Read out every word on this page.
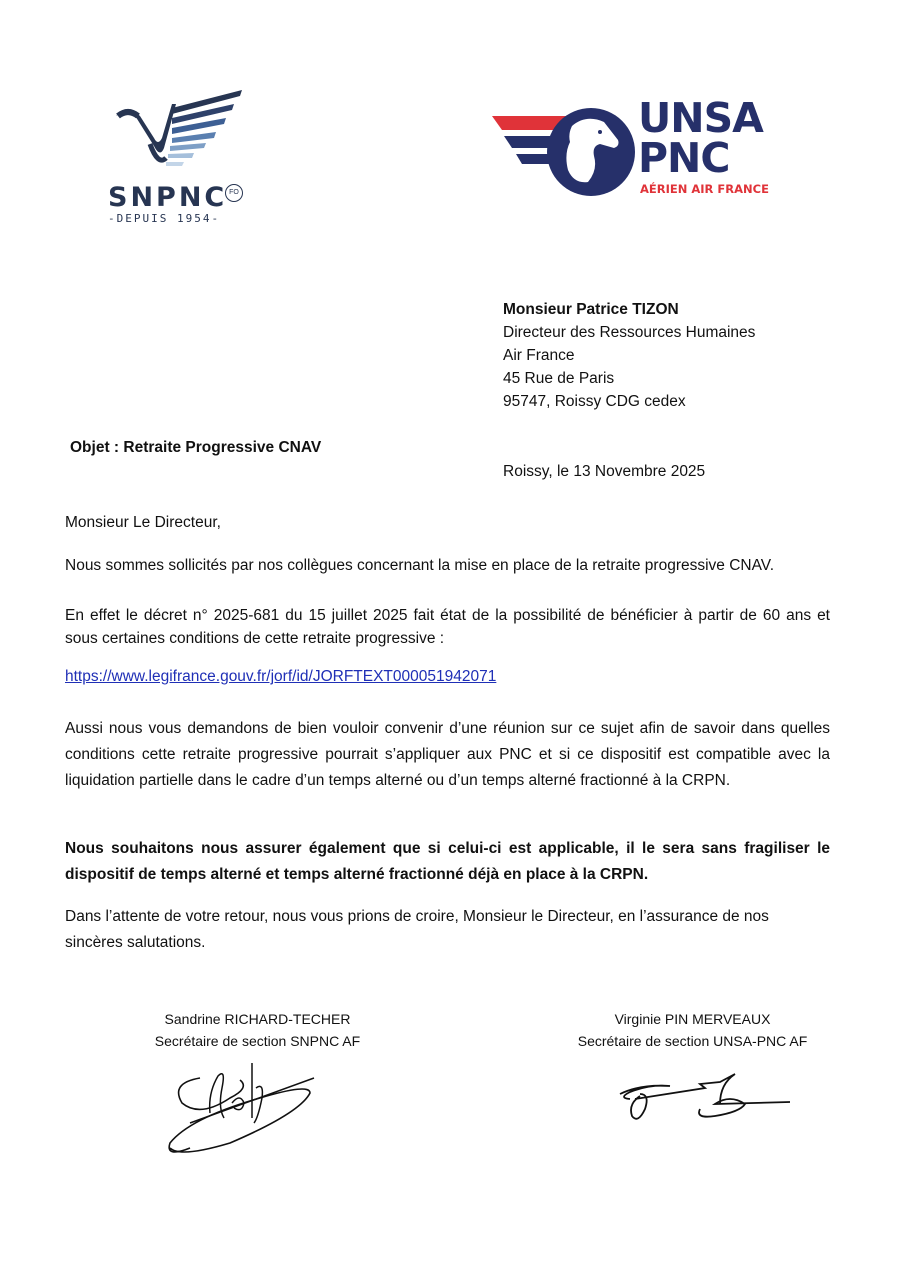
SNPNC FO
-DEPUIS 1954-
UNSA
PNC
AÉRIEN AIR FRANCE
Monsieur Patrice TIZON
Directeur des Ressources Humaines
Air France
45 Rue de Paris
95747, Roissy CDG cedex
Objet : Retraite Progressive CNAV
Roissy, le 13 Novembre 2025
Monsieur Le Directeur,
Nous sommes sollicités par nos collègues concernant la mise en place de la retraite progressive CNAV.
En effet le décret n° 2025-681 du 15 juillet 2025 fait état de la possibilité de bénéficier à partir de 60 ans et sous certaines conditions de cette retraite progressive :
https://www.legifrance.gouv.fr/jorf/id/JORFTEXT000051942071
Aussi nous vous demandons de bien vouloir convenir d’une réunion sur ce sujet afin de savoir dans quelles conditions cette retraite progressive pourrait s’appliquer aux PNC et si ce dispositif est compatible avec la liquidation partielle dans le cadre d’un temps alterné ou d’un temps alterné fractionné à la CRPN.
Nous souhaitons nous assurer également que si celui-ci est applicable, il le sera sans fragiliser le dispositif de temps alterné et temps alterné fractionné déjà en place à la CRPN.
Dans l’attente de votre retour, nous vous prions de croire, Monsieur le Directeur, en l’assurance de nos sincères salutations.
Sandrine RICHARD-TECHER
Secrétaire de section SNPNC AF
Virginie PIN MERVEAUX
Secrétaire de section UNSA-PNC AF
